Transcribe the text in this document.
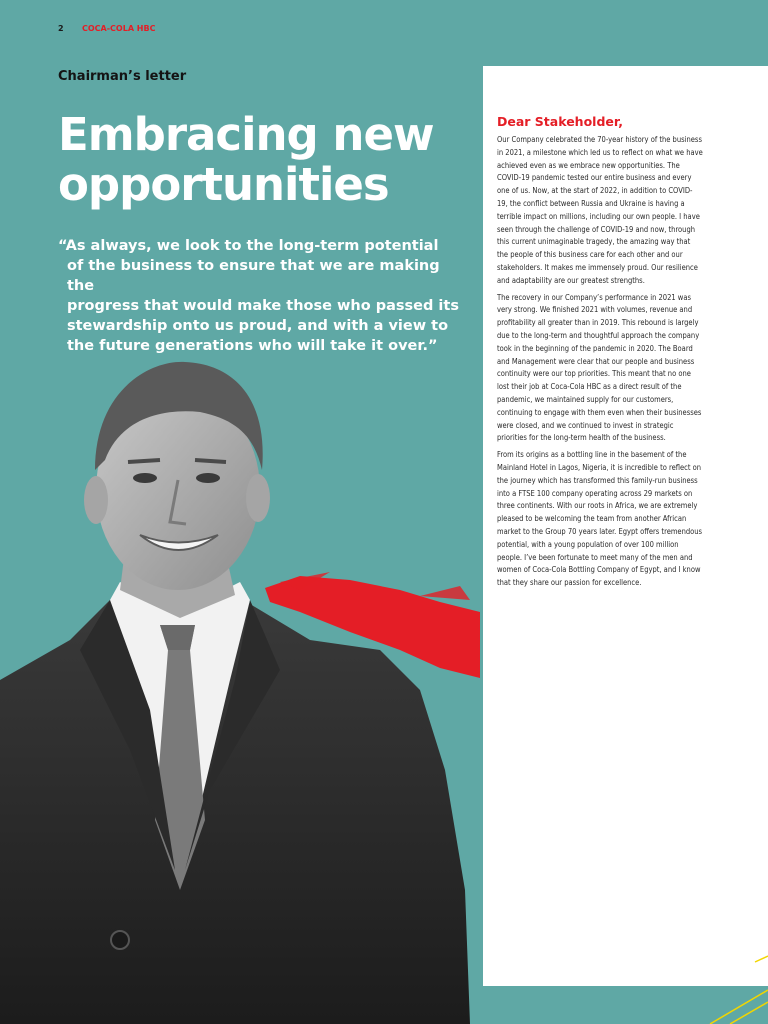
2 COCA-COLA HBC
Chairman’s letter
Embracing new
opportunities
“As always, we look to the long-term potential
of the business to ensure that we are making the
progress that would make those who passed its
stewardship onto us proud, and with a view to
the future generations who will take it over.”
Dear Stakeholder,

Our Company celebrated the 70-year history of the business in 2021, a milestone which led us to reflect on what we have achieved even as we embrace new opportunities. The COVID-19 pandemic tested our entire business and every one of us. Now, at the start of 2022, in addition to COVID-19, the conflict between Russia and Ukraine is having a terrible impact on millions, including our own people. I have seen through the challenge of COVID-19 and now, through this current unimaginable tragedy, the amazing way that the people of this business care for each other and our stakeholders. It makes me immensely proud. Our resilience and adaptability are our greatest strengths.

The recovery in our Company’s performance in 2021 was very strong. We finished 2021 with volumes, revenue and profitability all greater than in 2019. This rebound is largely due to the long-term and thoughtful approach the company took in the beginning of the pandemic in 2020. The Board and Management were clear that our people and business continuity were our top priorities. This meant that no one lost their job at Coca-Cola HBC as a direct result of the pandemic, we maintained supply for our customers, continuing to engage with them even when their businesses were closed, and we continued to invest in strategic priorities for the long-term health of the business.

From its origins as a bottling line in the basement of the Mainland Hotel in Lagos, Nigeria, it is incredible to reflect on the journey which has transformed this family-run business into a FTSE 100 company operating across 29 markets on three continents. With our roots in Africa, we are extremely pleased to be welcoming the team from another African market to the Group 70 years later. Egypt offers tremendous potential, with a young population of over 100 million people. I’ve been fortunate to meet many of the men and women of Coca-Cola Bottling Company of Egypt, and I know that they share our passion for excellence.
